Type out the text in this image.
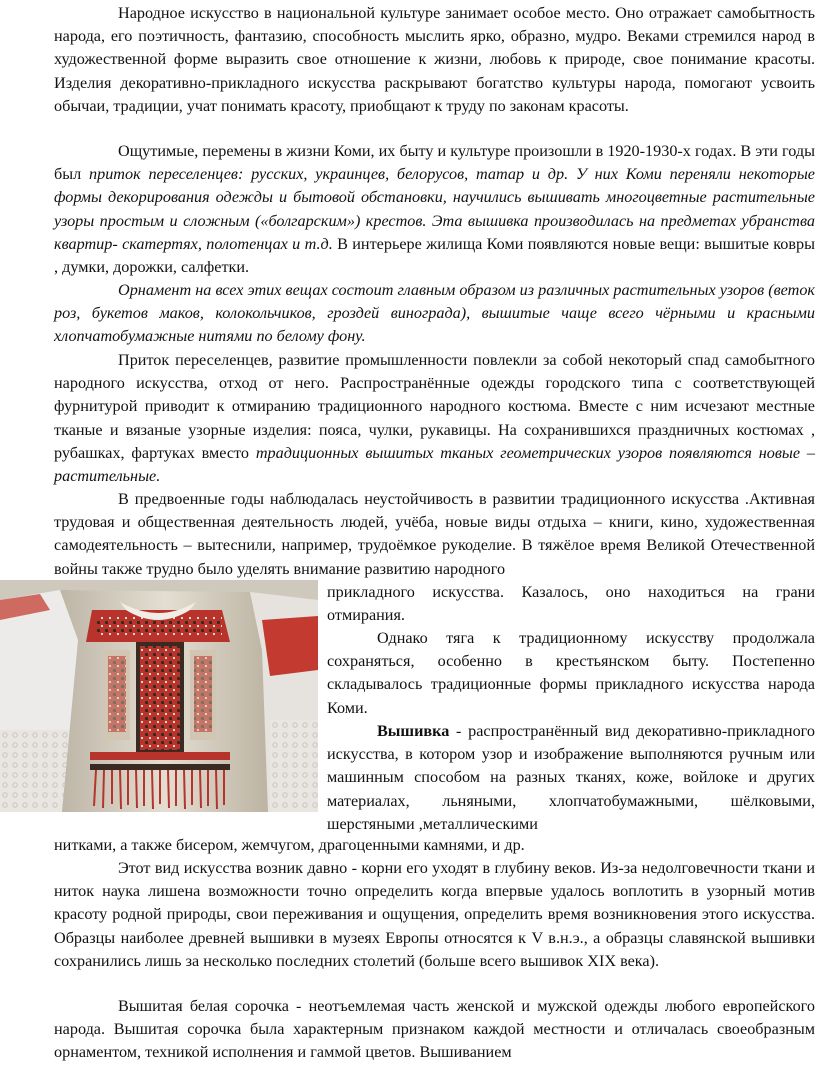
Народное искусство в национальной культуре занимает особое место. Оно отражает самобытность народа, его поэтичность, фантазию, способность мыслить ярко, образно, мудро. Веками стремился народ в художественной форме выразить свое отношение к жизни, любовь к природе, свое понимание красоты. Изделия декоративно-прикладного искусства раскрывают богатство культуры народа, помогают усвоить обычаи, традиции, учат понимать красоту, приобщают к труду по законам красоты.

Ощутимые, перемены в жизни Коми, их быту и культуре произошли в 1920-1930-х годах. В эти годы был приток переселенцев: русских, украинцев, белорусов, татар и др. У них Коми переняли некоторые формы декорирования одежды и бытовой обстановки, научились вышивать многоцветные растительные узоры простым и сложным («болгарским») крестов. Эта вышивка производилась на предметах убранства квартир- скатертях, полотенцах и т.д. В интерьере жилища Коми появляются новые вещи: вышитые ковры , думки, дорожки, салфетки.

Орнамент на всех этих вещах состоит главным образом из различных растительных узоров (веток роз, букетов маков, колокольчиков, гроздей винограда), вышитые чаще всего чёрными и красными хлопчатобумажные нитями по белому фону.

Приток переселенцев, развитие промышленности повлекли за собой некоторый спад самобытного народного искусства, отход от него. Распространённые одежды городского типа с соответствующей фурнитурой приводит к отмиранию традиционного народного костюма. Вместе с ним исчезают местные тканые и вязаные узорные изделия: пояса, чулки, рукавицы. На сохранившихся праздничных костюмах , рубашках, фартуках вместо традиционных вышитых тканых геометрических узоров появляются новые – растительные.

В предвоенные годы наблюдалась неустойчивость в развитии традиционного искусства .Активная трудовая и общественная деятельность людей, учёба, новые виды отдыха – книги, кино, художественная самодеятельность – вытеснили, например, трудоёмкое рукоделие. В тяжёлое время Великой Отечественной войны также трудно было уделять внимание развитию народного

прикладного искусства. Казалось, оно находиться на грани отмирания.

Однако тяга к традиционному искусству продолжала сохраняться, особенно в крестьянском быту. Постепенно складывалось традиционные формы прикладного искусства народа Коми.

Вышивка - распространённый вид декоративно-прикладного искусства, в котором узор и изображение выполняются ручным или машинным способом на разных тканях, коже, войлоке и других материалах, льняными, хлопчатобумажными, шёлковыми, шерстяными ,металлическими

нитками, а также бисером, жемчугом, драгоценными камнями, и др.

Этот вид искусства возник давно - корни его уходят в глубину веков. Из-за недолговечности ткани и ниток наука лишена возможности точно определить когда впервые удалось воплотить в узорный мотив красоту родной природы, свои переживания и ощущения, определить время возникновения этого искусства. Образцы наиболее древней вышивки в музеях Европы относятся к V в.н.э., а образцы славянской вышивки сохранились лишь за несколько последних столетий (больше всего вышивок XIX века).

Вышитая белая сорочка - неотъемлемая часть женской и мужской одежды любого европейского народа. Вышитая сорочка была характерным признаком каждой местности и отличалась своеобразным орнаментом, техникой исполнения и гаммой цветов. Вышиванием
